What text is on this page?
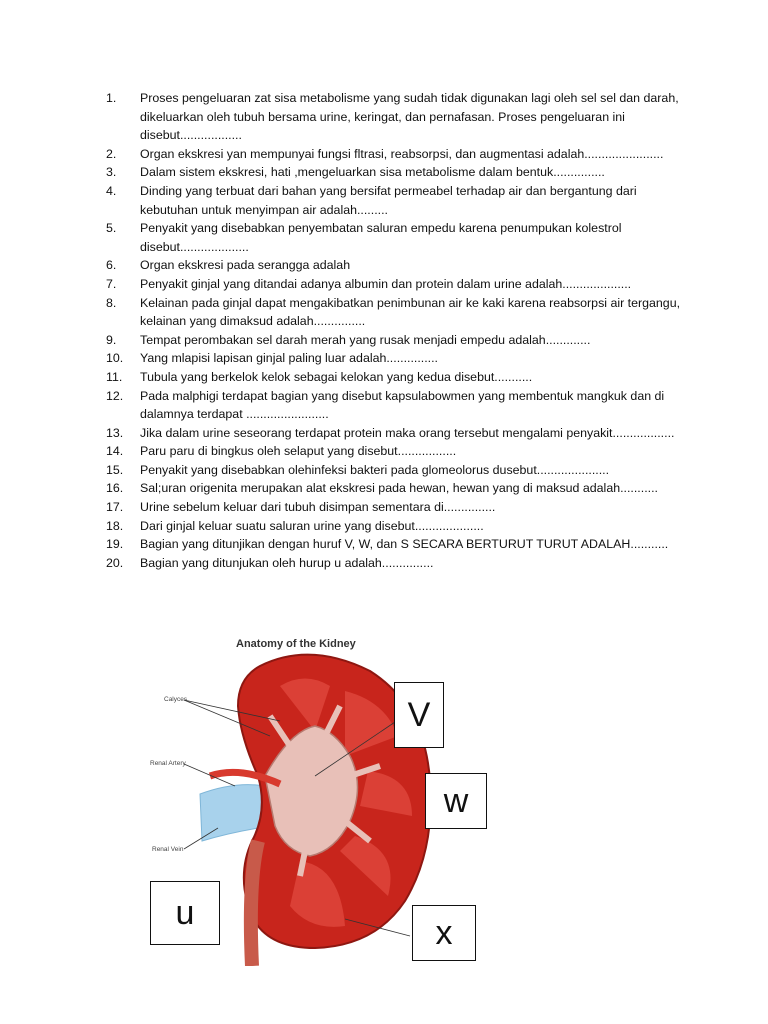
1.	Proses pengeluaran zat sisa metabolisme yang sudah tidak digunakan lagi oleh sel sel dan darah, dikeluarkan oleh tubuh bersama urine, keringat, dan pernafasan. Proses pengeluaran ini disebut..................
2.	Organ ekskresi yan mempunyai fungsi fltrasi, reabsorpsi, dan augmentasi adalah.......................
3.	Dalam sistem ekskresi, hati ,mengeluarkan sisa metabolisme dalam bentuk...............
4.	Dinding yang terbuat dari bahan yang bersifat permeabel terhadap air dan bergantung dari kebutuhan untuk menyimpan air adalah.........
5.	Penyakit yang disebabkan penyembatan saluran empedu karena penumpukan kolestrol disebut....................
6.	Organ ekskresi pada serangga adalah
7.	Penyakit ginjal yang ditandai adanya albumin dan protein dalam urine adalah....................
8.	Kelainan pada ginjal dapat mengakibatkan penimbunan air ke kaki karena reabsorpsi air tergangu, kelainan yang dimaksud adalah...............
9.	Tempat perombakan sel darah merah yang rusak menjadi empedu adalah.............
10.	Yang mlapisi lapisan ginjal paling luar adalah...............
11.	Tubula yang berkelok kelok sebagai kelokan yang kedua disebut...........
12.	Pada malphigi terdapat bagian yang disebut kapsulabowmen yang membentuk mangkuk dan di dalamnya terdapat ........................
13.	Jika dalam urine seseorang terdapat protein maka orang tersebut mengalami penyakit..................
14.	Paru paru di bingkus oleh selaput yang disebut.................
15.	Penyakit yang disebabkan olehinfeksi bakteri pada glomeolorus dusebut.....................
16.	Sal;uran origenita merupakan alat ekskresi pada hewan, hewan yang di maksud adalah...........
17.	Urine sebelum keluar dari tubuh disimpan sementara di...............
18.	Dari ginjal keluar suatu saluran urine yang disebut....................
19.	Bagian yang ditunjikan dengan huruf V, W, dan S SECARA BERTURUT TURUT ADALAH...........
20.	Bagian yang ditunjukan oleh hurup u adalah...............
Anatomy of the Kidney
Calyces
Renal Artery
Renal Vein
V
w
u
x
